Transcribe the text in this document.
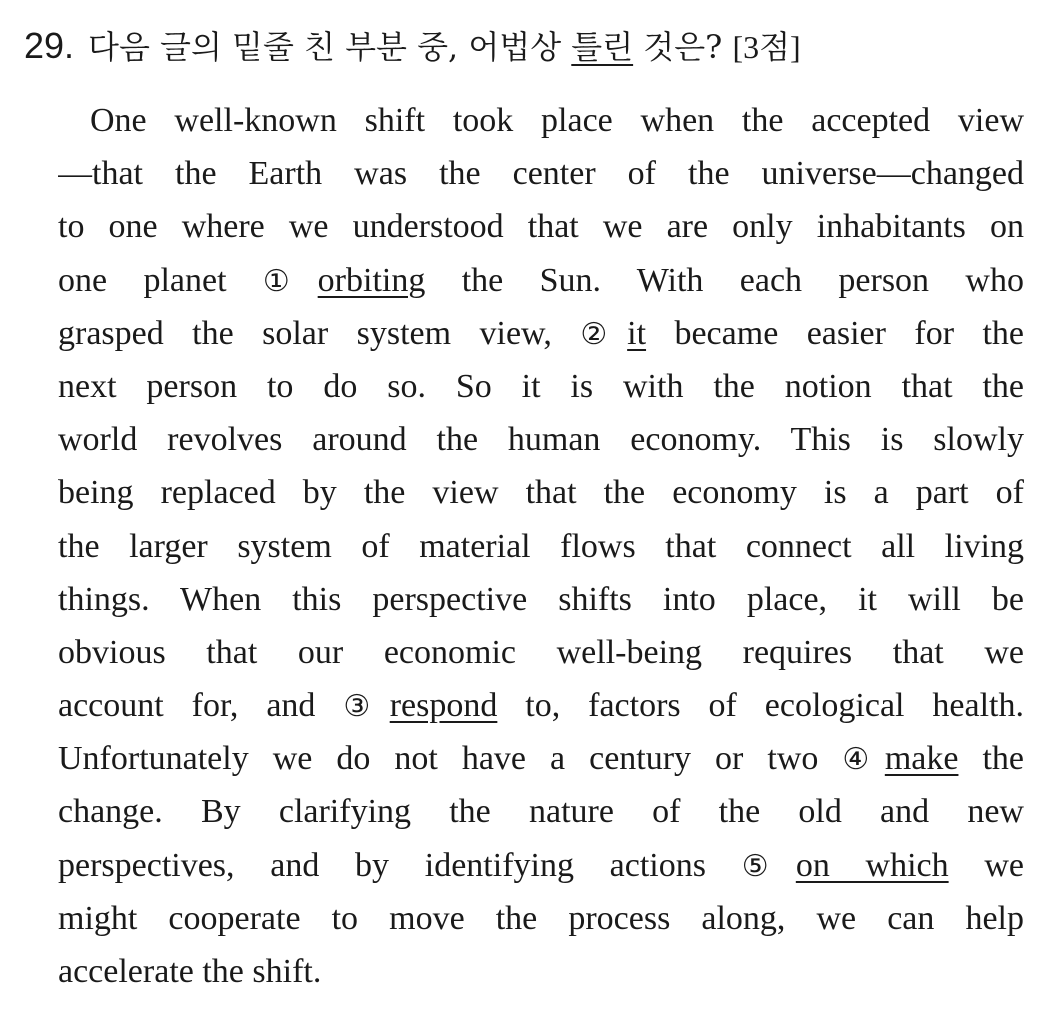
29. 다음 글의 밑줄 친 부분 중, 어법상 틀린 것은? [3점]
One well-known shift took place when the accepted view
—that the Earth was the center of the universe—changed
to one where we understood that we are only inhabitants on
one planet ①orbiting the Sun. With each person who
grasped the solar system view, ②it became easier for the
next person to do so. So it is with the notion that the
world revolves around the human economy. This is slowly
being replaced by the view that the economy is a part of
the larger system of material flows that connect all living
things. When this perspective shifts into place, it will be
obvious that our economic well-being requires that we
account for, and ③respond to, factors of ecological health.
Unfortunately we do not have a century or two ④make the
change. By clarifying the nature of the old and new
perspectives, and by identifying actions ⑤on which we
might cooperate to move the process along, we can help
accelerate the shift.
